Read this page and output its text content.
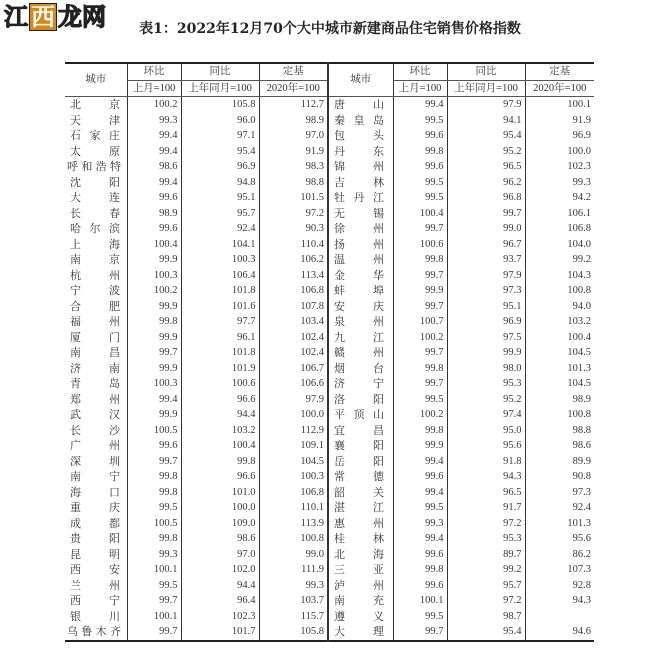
表1：2022年12月70个大中城市新建商品住宅销售价格指数
城市	环比	同比	定基	城市	环比	同比	定基
	上月=100	上年同月=100	2020年=100		上月=100	上年同月=100	2020年=100

北京	100.2	105.8	112.7	唐山	99.4	97.9	100.1

天津	99.3	96.0	98.9	秦皇岛	99.5	94.1	91.9

石家庄	99.4	97.1	97.0	包头	99.6	95.4	96.9

太原	99.4	95.4	91.9	丹东	99.8	95.2	100.0

呼和浩特	98.6	96.9	98.3	锦州	99.6	96.5	102.3

沈阳	99.4	94.8	98.8	吉林	99.5	96.2	99.3

大连	99.6	95.1	101.5	牡丹江	99.5	96.8	94.2

长春	98.9	95.7	97.2	无锡	100.4	99.7	106.1

哈尔滨	99.6	92.4	90.3	徐州	99.7	99.0	106.8

上海	100.4	104.1	110.4	扬州	100.6	96.7	104.0

南京	99.9	100.3	106.2	温州	99.8	93.7	99.2

杭州	100.3	106.4	113.4	金华	99.7	97.9	104.3

宁波	100.2	101.8	106.8	蚌埠	99.9	97.3	100.8

合肥	99.9	101.6	107.8	安庆	99.7	95.1	94.0

福州	99.8	97.7	103.4	泉州	100.7	96.9	103.2

厦门	99.9	96.1	102.4	九江	100.2	97.5	100.4

南昌	99.7	101.8	102.4	赣州	99.7	99.9	104.5

济南	99.9	101.9	106.7	烟台	99.8	98.0	101.3

青岛	100.3	100.6	106.6	济宁	99.7	95.3	104.5

郑州	99.4	96.6	97.9	洛阳	99.5	95.2	98.9

武汉	99.9	94.4	100.0	平顶山	100.2	97.4	100.8

长沙	100.5	103.2	112.9	宜昌	99.8	95.0	98.8

广州	99.6	100.4	109.1	襄阳	99.9	95.6	98.6

深圳	99.7	99.8	104.5	岳阳	99.4	91.8	89.9

南宁	99.8	96.6	100.3	常德	99.6	94.3	90.8

海口	99.8	101.0	106.8	韶关	99.4	96.5	97.3

重庆	99.5	100.0	110.1	湛江	99.5	91.7	92.4

成都	100.5	109.0	113.9	惠州	99.3	97.2	101.3

贵阳	99.8	98.6	100.8	桂林	99.4	95.3	95.6

昆明	99.3	97.0	99.0	北海	99.6	89.7	86.2

西安	100.1	102.0	111.9	三亚	99.8	99.2	107.3

兰州	99.5	94.4	99.3	泸州	99.6	95.7	92.8

西宁	99.7	96.4	103.7	南充	100.1	97.2	94.3

银川	100.1	102.3	115.7	遵义	99.5	98.7	

乌鲁木齐	99.7	101.7	105.8	大理	99.7	95.4	94.6
江 西 龙网
